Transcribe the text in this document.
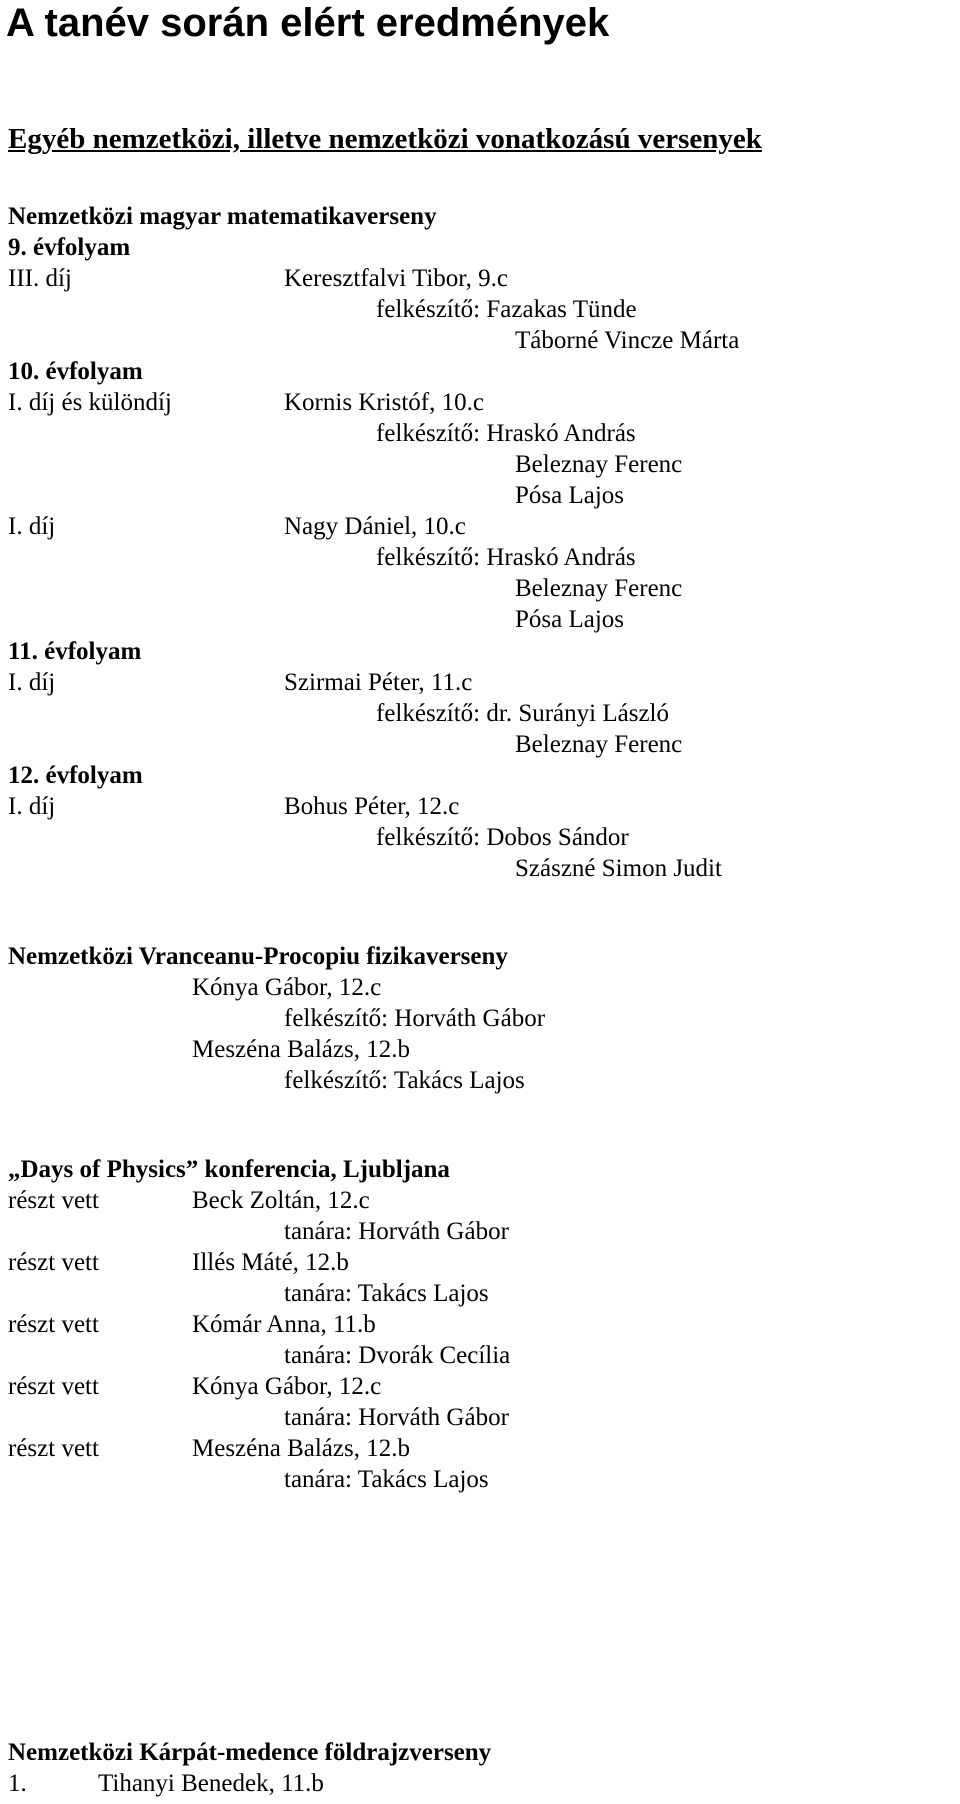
A tanév során elért eredmények
Egyéb nemzetközi, illetve nemzetközi vonatkozású versenyek
Nemzetközi magyar matematikaverseny
9. évfolyam
III. díj	Keresztfalvi Tibor, 9.c
felkészítő: Fazakas Tünde
Táborné Vincze Márta
10. évfolyam
I. díj és különdíj	Kornis Kristóf, 10.c
felkészítő: Hraskó András
Beleznay Ferenc
Pósa Lajos
I. díj	Nagy Dániel, 10.c
felkészítő: Hraskó András
Beleznay Ferenc
Pósa Lajos
11. évfolyam
I. díj	Szirmai Péter, 11.c
felkészítő: dr. Surányi László
Beleznay Ferenc
12. évfolyam
I. díj	Bohus Péter, 12.c
felkészítő: Dobos Sándor
Szászné Simon Judit
Nemzetközi Vranceanu-Procopiu fizikaverseny
Kónya Gábor, 12.c
felkészítő: Horváth Gábor
Meszéna Balázs, 12.b
felkészítő: Takács Lajos
„Days of Physics” konferencia, Ljubljana
részt vett	Beck Zoltán, 12.c
tanára: Horváth Gábor
részt vett	Illés Máté, 12.b
tanára: Takács Lajos
részt vett	Kómár Anna, 11.b
tanára: Dvorák Cecília
részt vett	Kónya Gábor, 12.c
tanára: Horváth Gábor
részt vett	Meszéna Balázs, 12.b
tanára: Takács Lajos
Nemzetközi Kárpát-medence földrajzverseny
1.	Tihanyi Benedek, 11.b
